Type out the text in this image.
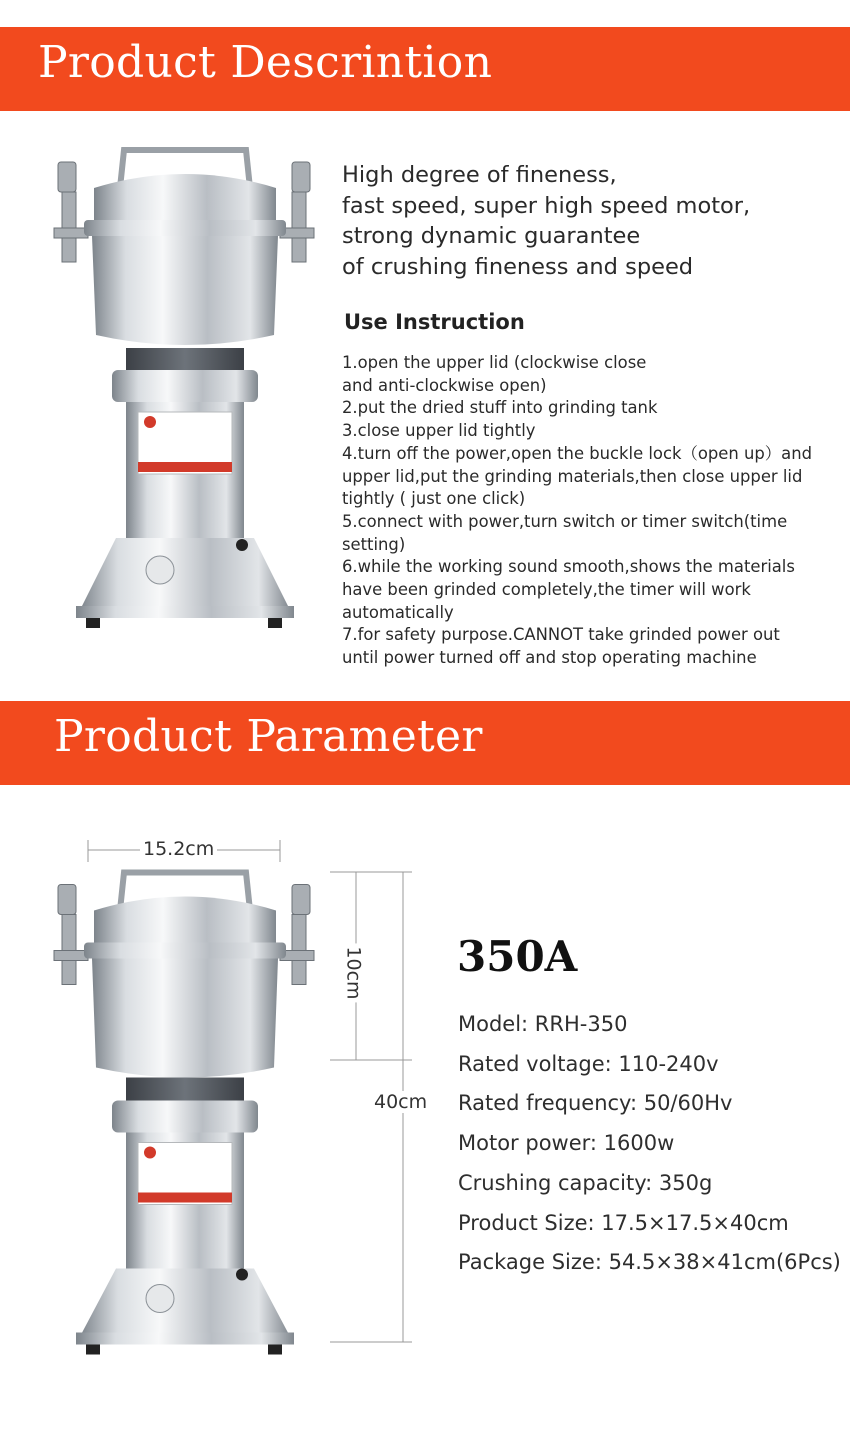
Product Descrintion
High degree of fineness,
fast speed, super high speed motor,
strong dynamic guarantee
of crushing fineness and speed
Use Instruction
1.open the upper lid (clockwise close
and anti-clockwise open)
2.put the dried stuff into grinding tank
3.close upper lid tightly
4.turn off the power,open the buckle lock（open up）and
upper lid,put the grinding materials,then close upper lid
tightly ( just one click)
5.connect with power,turn switch or timer switch(time
setting)
6.while the working sound smooth,shows the materials
have been grinded completely,the timer will work
automatically
7.for safety purpose.CANNOT take grinded power out
until power turned off and stop operating machine
Product Parameter
15.2cm
10cm
40cm
350A
Model: RRH-350
Rated voltage: 110-240v
Rated frequency: 50/60Hv
Motor power: 1600w
Crushing capacity: 350g
Product Size: 17.5×17.5×40cm
Package Size: 54.5×38×41cm(6Pcs)
